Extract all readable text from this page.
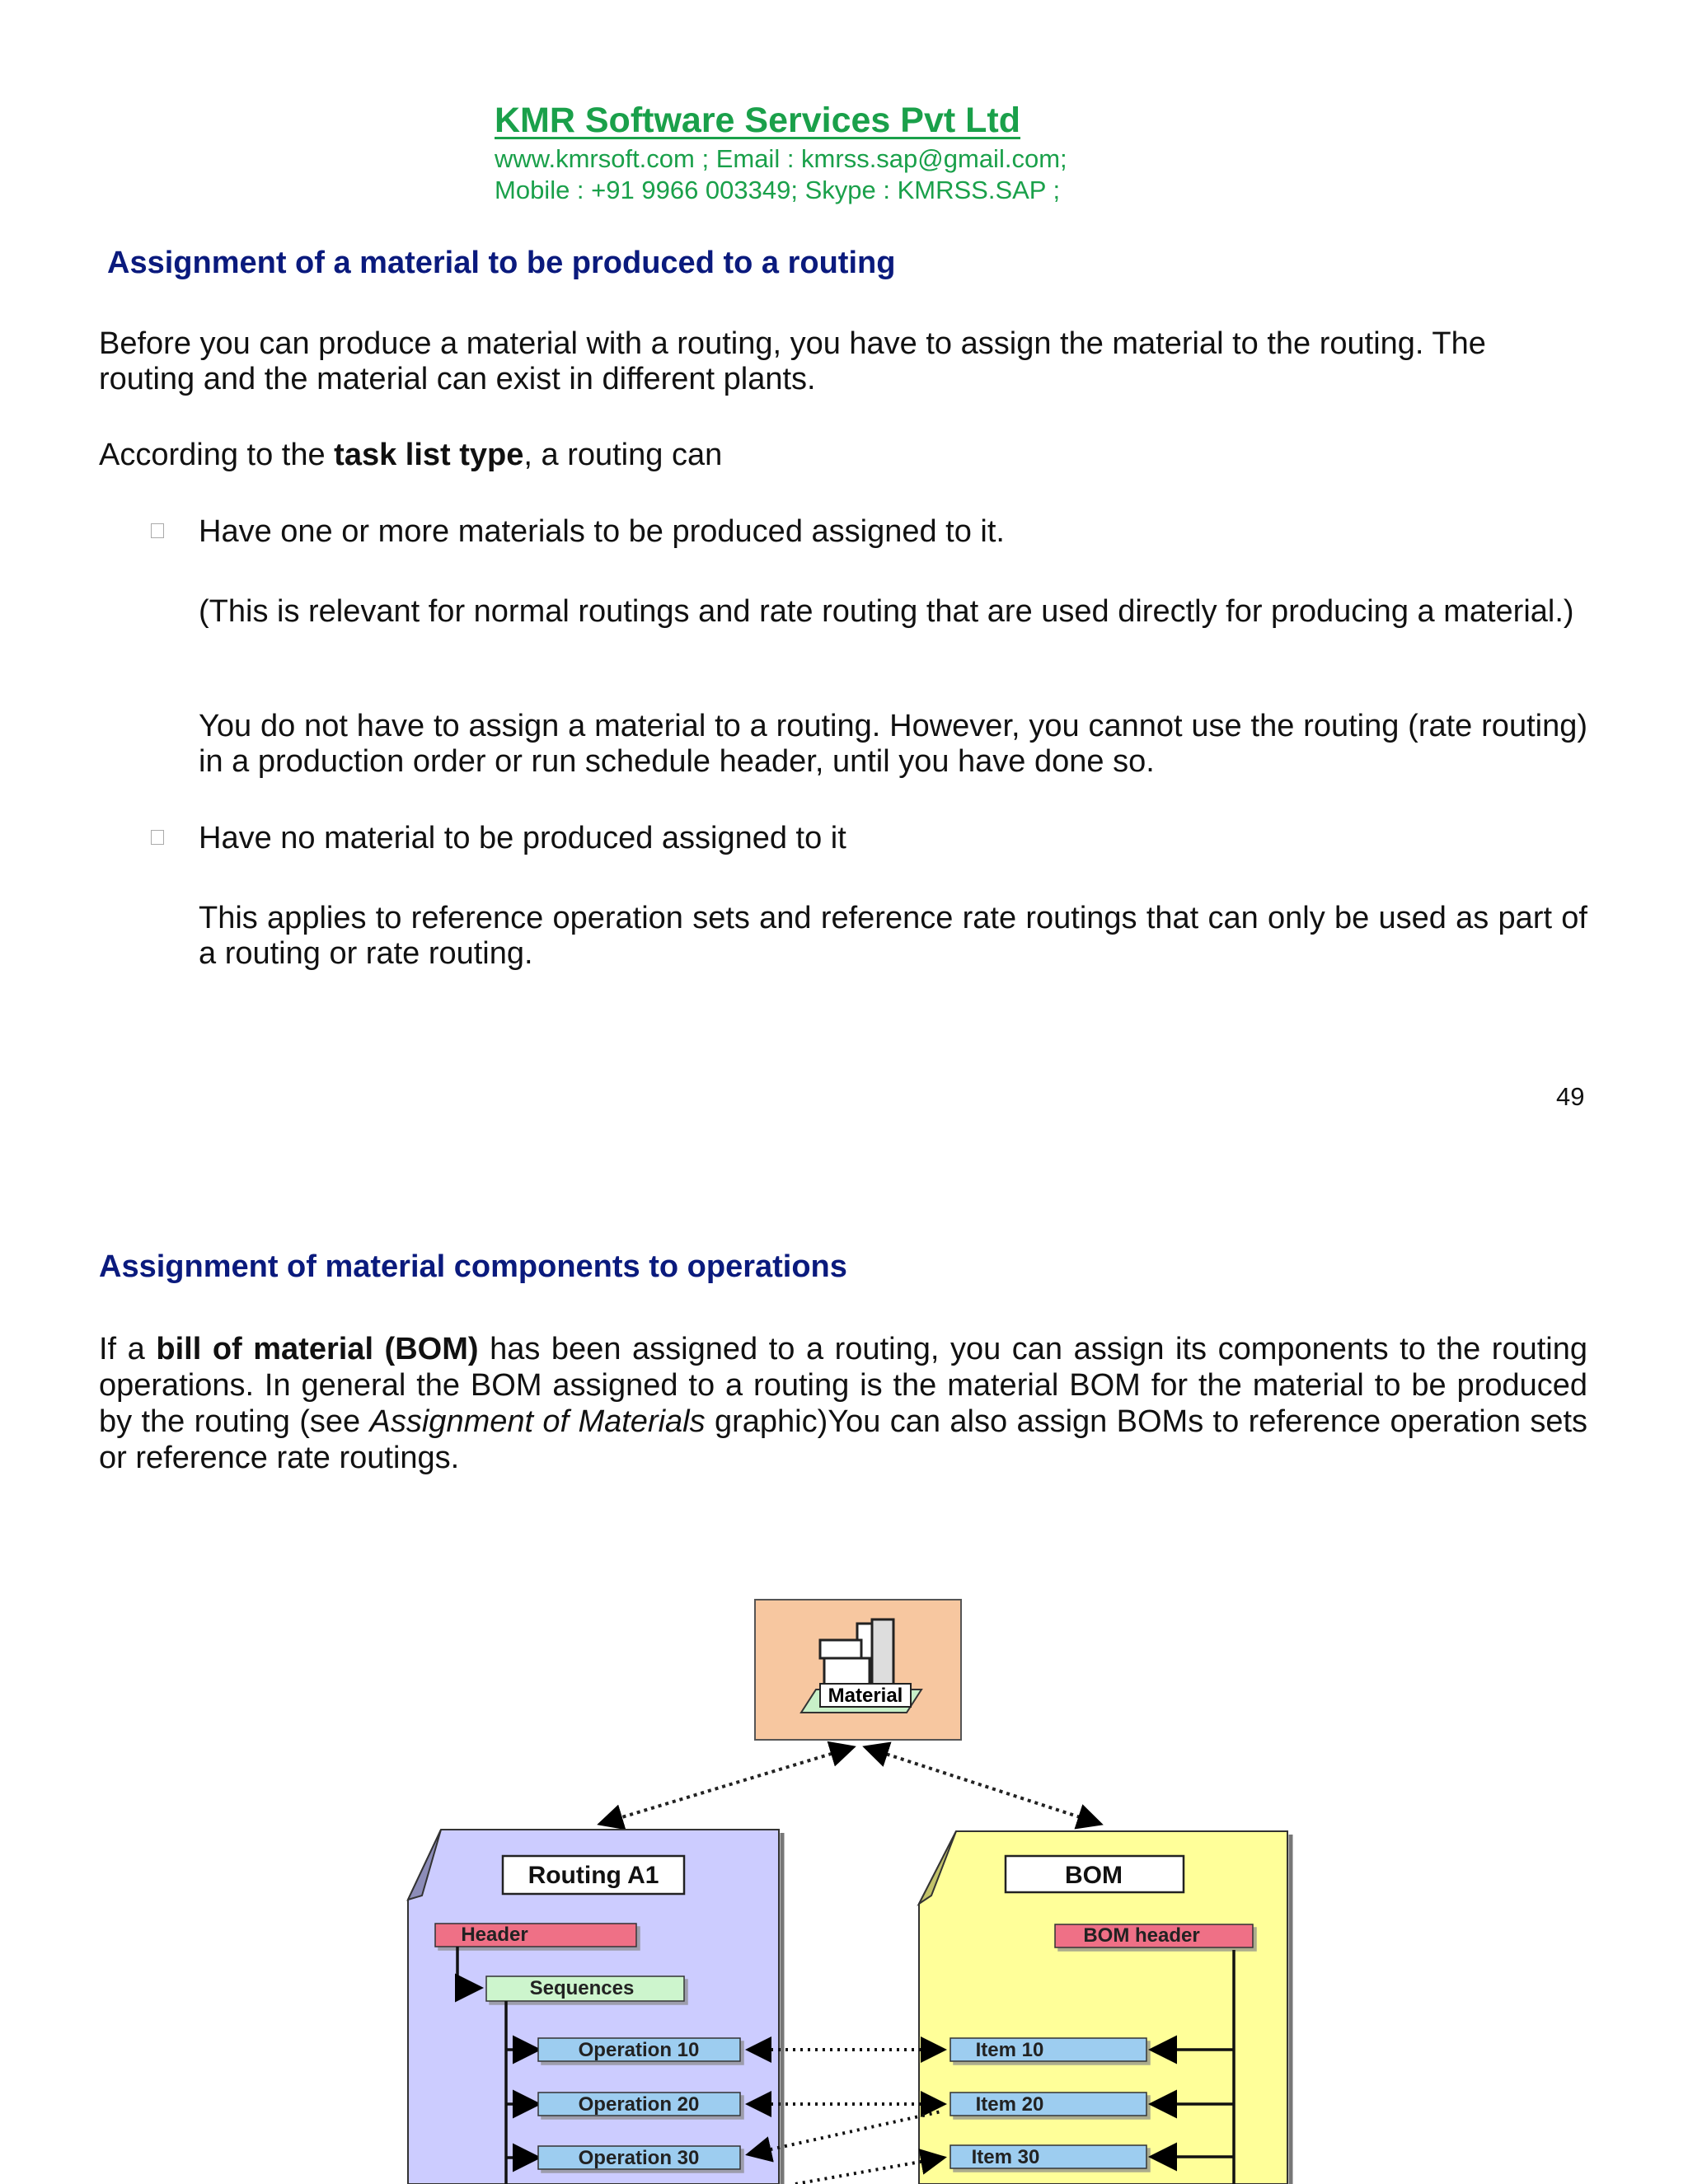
KMR Software Services Pvt Ltd
www.kmrsoft.com ; Email : kmrss.sap@gmail.com;
Mobile : +91 9966 003349; Skype : KMRSS.SAP ;
Assignment of a material to be produced to a routing
Before you can produce a material with a routing, you have to assign the material to the routing. The
routing and the material can exist in different plants.
According to the task list type, a routing can
Have one or more materials to be produced assigned to it.
(This is relevant for normal routings and rate routing that are used directly for producing a material.)
You do not have to assign a material to a routing. However, you cannot use the routing (rate routing) in a production order or run schedule header, until you have done so.
Have no material to be produced assigned to it
This applies to reference operation sets and reference rate routings that can only be used as part of a routing or rate routing.
49
Assignment of material components to operations
If a bill of material (BOM) has been assigned to a routing, you can assign its components to the routing operations. In general the BOM assigned to a routing is the material BOM for the material to be produced by the routing (see Assignment of Materials graphic)You can also assign BOMs to reference operation sets or reference rate routings.
Material
Routing A1
Header
Sequences
Operation 10
Operation 20
Operation 30
BOM
BOM header
Item 10
Item 20
Item 30
